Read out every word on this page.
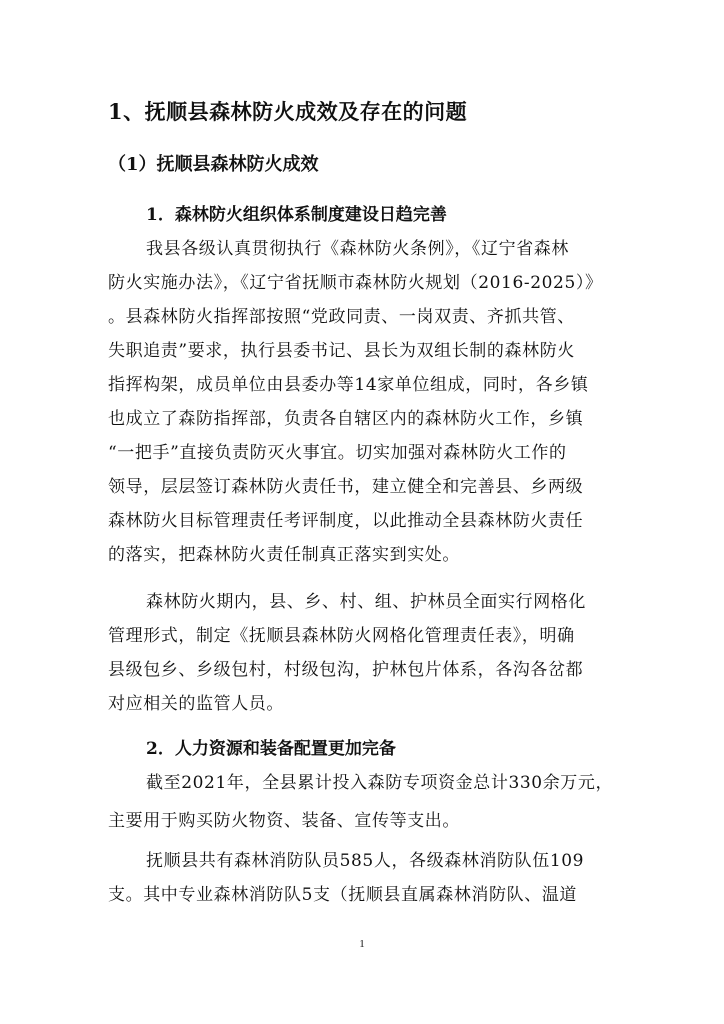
1、抚顺县森林防火成效及存在的问题
（1）抚顺县森林防火成效
1．森林防火组织体系制度建设日趋完善
我县各级认真贯彻执行《森林防火条例》，《辽宁省森林
防火实施办法》，《辽宁省抚顺市森林防火规划（2016-2025）》
。县森林防火指挥部按照“党政同责、一岗双责、齐抓共管、
失职追责”要求，执行县委书记、县长为双组长制的森林防火
指挥构架，成员单位由县委办等14家单位组成，同时，各乡镇
也成立了森防指挥部，负责各自辖区内的森林防火工作，乡镇
“一把手”直接负责防灭火事宜。切实加强对森林防火工作的
领导，层层签订森林防火责任书，建立健全和完善县、乡两级
森林防火目标管理责任考评制度，以此推动全县森林防火责任
的落实，把森林防火责任制真正落实到实处。
森林防火期内，县、乡、村、组、护林员全面实行网格化
管理形式，制定《抚顺县森林防火网格化管理责任表》，明确
县级包乡、乡级包村，村级包沟，护林包片体系，各沟各岔都
对应相关的监管人员。
2．人力资源和装备配置更加完备
截至2021年，全县累计投入森防专项资金总计330余万元，
主要用于购买防火物资、装备、宣传等支出。
抚顺县共有森林消防队员585人，各级森林消防队伍109
支。其中专业森林消防队5支（抚顺县直属森林消防队、温道
1
